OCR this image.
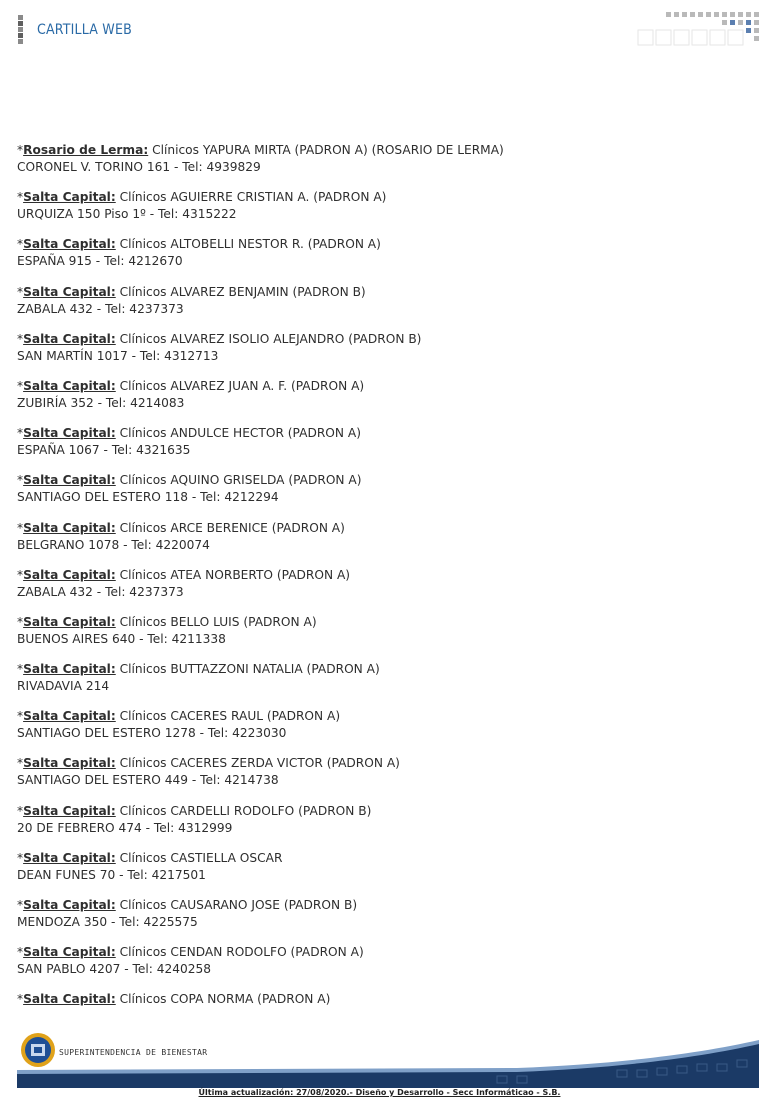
CARTILLA WEB
*Rosario de Lerma: Clínicos YAPURA MIRTA (PADRON A) (ROSARIO DE LERMA)
CORONEL V. TORINO 161 - Tel: 4939829
*Salta Capital: Clínicos AGUIERRE CRISTIAN A. (PADRON A)
URQUIZA 150 Piso 1º - Tel: 4315222
*Salta Capital: Clínicos ALTOBELLI NESTOR R. (PADRON A)
ESPAÑA 915 - Tel: 4212670
*Salta Capital: Clínicos ALVAREZ BENJAMIN (PADRON B)
ZABALA 432 - Tel: 4237373
*Salta Capital: Clínicos ALVAREZ ISOLIO ALEJANDRO (PADRON B)
SAN MARTÍN 1017 - Tel: 4312713
*Salta Capital: Clínicos ALVAREZ JUAN A. F. (PADRON A)
ZUBIRÍA 352 - Tel: 4214083
*Salta Capital: Clínicos ANDULCE HECTOR (PADRON A)
ESPAÑA 1067 - Tel: 4321635
*Salta Capital: Clínicos AQUINO GRISELDA (PADRON A)
SANTIAGO DEL ESTERO 118 - Tel: 4212294
*Salta Capital: Clínicos ARCE BERENICE (PADRON A)
BELGRANO 1078 - Tel: 4220074
*Salta Capital: Clínicos ATEA NORBERTO (PADRON A)
ZABALA 432 - Tel: 4237373
*Salta Capital: Clínicos BELLO LUIS (PADRON A)
BUENOS AIRES 640 - Tel: 4211338
*Salta Capital: Clínicos BUTTAZZONI NATALIA (PADRON A)
RIVADAVIA 214
*Salta Capital: Clínicos CACERES RAUL (PADRON A)
SANTIAGO DEL ESTERO 1278 - Tel: 4223030
*Salta Capital: Clínicos CACERES ZERDA VICTOR (PADRON A)
SANTIAGO DEL ESTERO 449 - Tel: 4214738
*Salta Capital: Clínicos CARDELLI RODOLFO (PADRON B)
20 DE FEBRERO 474 - Tel: 4312999
*Salta Capital: Clínicos CASTIELLA OSCAR
DEAN FUNES 70 - Tel: 4217501
*Salta Capital: Clínicos CAUSARANO JOSE (PADRON B)
MENDOZA 350 - Tel: 4225575
*Salta Capital: Clínicos CENDAN RODOLFO (PADRON A)
SAN PABLO 4207 - Tel: 4240258
*Salta Capital: Clínicos COPA NORMA (PADRON A)
SUPERINTENDENCIA DE BIENESTAR
Última actualización: 27/08/2020.- Diseño y Desarrollo - Secc Informáticao - S.B.
